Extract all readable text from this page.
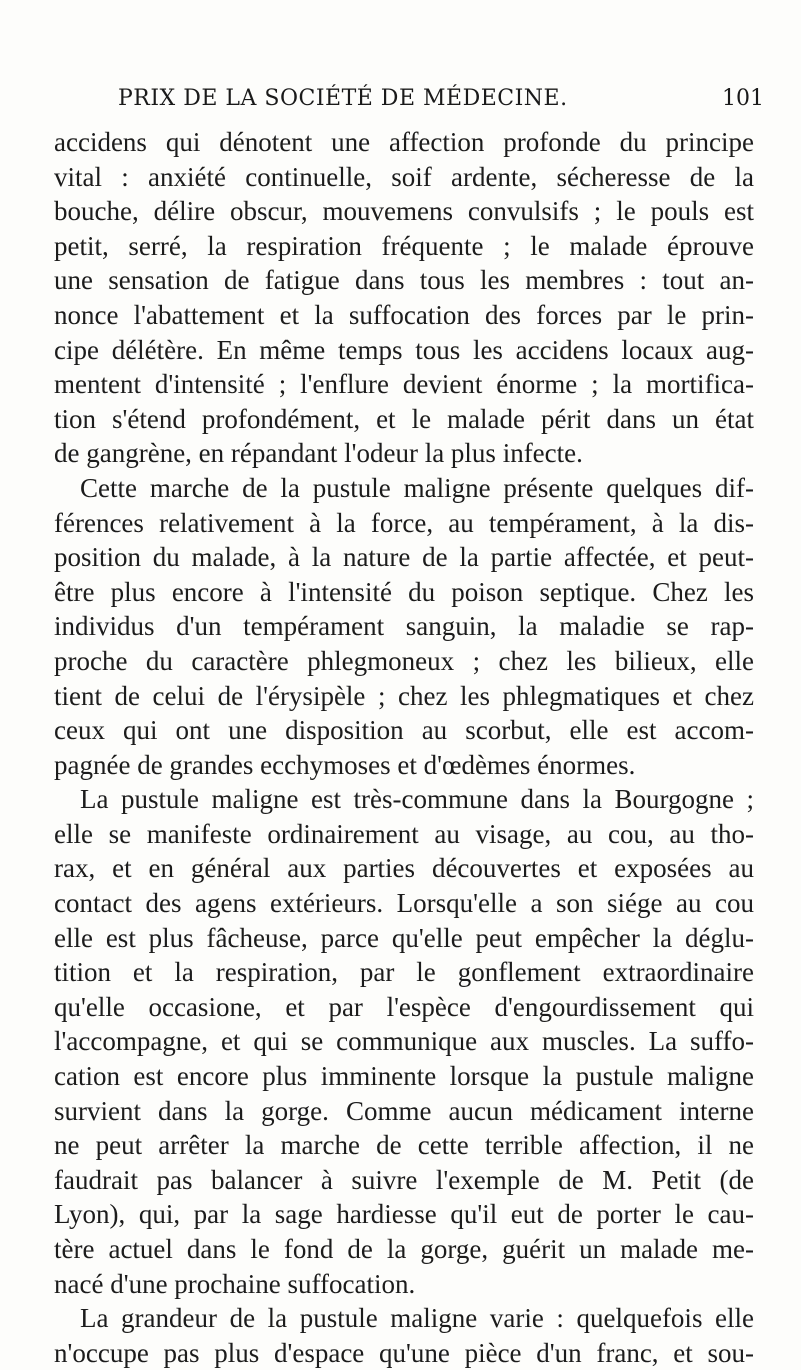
PRIX DE LA SOCIÉTÉ DE MÉDECINE.	101
accidens qui dénotent une affection profonde du principe
vital : anxiété continuelle, soif ardente, sécheresse de la
bouche, délire obscur, mouvemens convulsifs ; le pouls est
petit, serré, la respiration fréquente ; le malade éprouve
une sensation de fatigue dans tous les membres : tout an-
nonce l'abattement et la suffocation des forces par le prin-
cipe délétère. En même temps tous les accidens locaux aug-
mentent d'intensité ; l'enflure devient énorme ; la mortifica-
tion s'étend profondément, et le malade périt dans un état
de gangrène, en répandant l'odeur la plus infecte.
Cette marche de la pustule maligne présente quelques dif-
férences relativement à la force, au tempérament, à la dis-
position du malade, à la nature de la partie affectée, et peut-
être plus encore à l'intensité du poison septique. Chez les
individus d'un tempérament sanguin, la maladie se rap-
proche du caractère phlegmoneux ; chez les bilieux, elle
tient de celui de l'érysipèle ; chez les phlegmatiques et chez
ceux qui ont une disposition au scorbut, elle est accom-
pagnée de grandes ecchymoses et d'œdèmes énormes.
La pustule maligne est très-commune dans la Bourgogne ;
elle se manifeste ordinairement au visage, au cou, au tho-
rax, et en général aux parties découvertes et exposées au
contact des agens extérieurs. Lorsqu'elle a son siége au cou
elle est plus fâcheuse, parce qu'elle peut empêcher la déglu-
tition et la respiration, par le gonflement extraordinaire
qu'elle occasione, et par l'espèce d'engourdissement qui
l'accompagne, et qui se communique aux muscles. La suffo-
cation est encore plus imminente lorsque la pustule maligne
survient dans la gorge. Comme aucun médicament interne
ne peut arrêter la marche de cette terrible affection, il ne
faudrait pas balancer à suivre l'exemple de M. Petit (de
Lyon), qui, par la sage hardiesse qu'il eut de porter le cau-
tère actuel dans le fond de la gorge, guérit un malade me-
nacé d'une prochaine suffocation.
La grandeur de la pustule maligne varie : quelquefois elle
n'occupe pas plus d'espace qu'une pièce d'un franc, et sou-
